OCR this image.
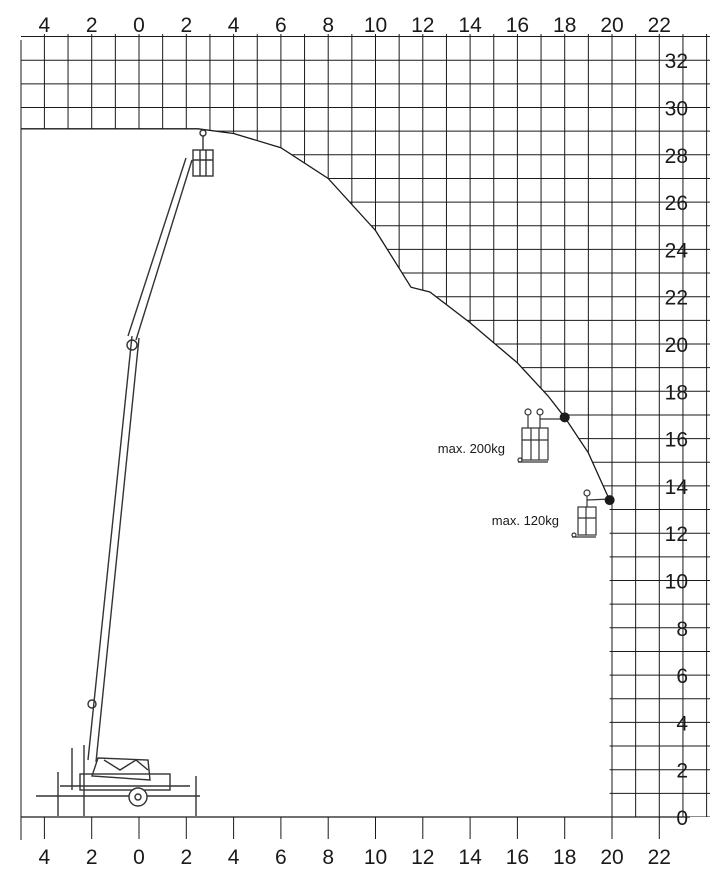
4
4
2
2
0
0
2
2
4
4
6
6
8
8
10
10
12
12
14
14
16
16
18
18
20
20
22
22
0
2
4
6
8
10
12
14
16
18
20
22
24
26
28
30
32
max. 200kg
max. 120kg
